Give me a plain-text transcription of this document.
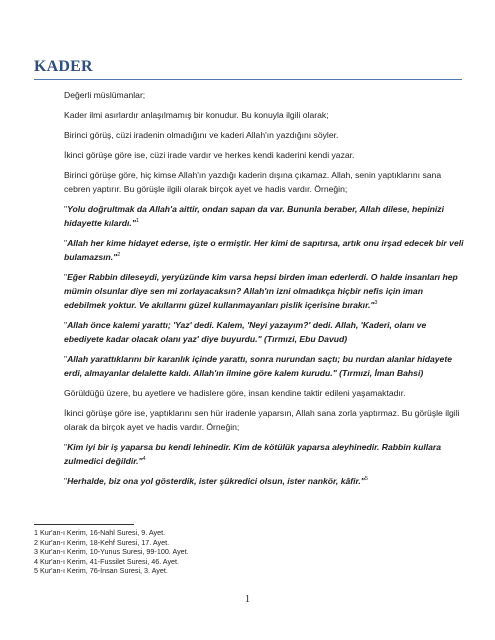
KADER
Değerli müslümanlar;
Kader ilmi asırlardır anlaşılmamış bir konudur. Bu konuyla ilgili olarak;
Birinci görüş, cüzi iradenin olmadığını ve kaderi Allah'ın yazdığını söyler.
İkinci görüşe göre ise, cüzi irade vardır ve herkes kendi kaderini kendi yazar.
Birinci görüşe göre, hiç kimse Allah'ın yazdığı kaderin dışına çıkamaz. Allah, senin yaptıklarını sana cebren yaptırır. Bu görüşle ilgili olarak birçok ayet ve hadis vardır. Örneğin;
"Yolu doğrultmak da Allah'a aittir, ondan sapan da var. Bununla beraber, Allah dilese, hepinizi hidayette kılardı."$^1$
"Allah her kime hidayet ederse, işte o ermiştir. Her kimi de sapıtırsa, artık onu irşad edecek bir veli bulamazsın."$^2$
"Eğer Rabbin dileseydi, yeryüzünde kim varsa hepsi birden iman ederlerdi. O halde insanları hep mümin olsunlar diye sen mi zorlayacaksın? Allah'ın izni olmadıkça hiçbir nefis için iman edebilmek yoktur. Ve akıllarını güzel kullanmayanları pislik içerisine bırakır."$^3$
"Allah önce kalemi yarattı; 'Yaz' dedi. Kalem, 'Neyi yazayım?' dedi. Allah, 'Kaderi, olanı ve ebediyete kadar olacak olanı yaz' diye buyurdu." (Tırmızi, Ebu Davud)
"Allah yarattıklarını bir karanlık içinde yarattı, sonra nurundan saçtı; bu nurdan alanlar hidayete erdi, almayanlar delalette kaldı. Allah'ın ilmine göre kalem kurudu." (Tırmızi, İman Bahsi)
Görüldüğü üzere, bu ayetlere ve hadislere göre, insan kendine taktir edileni yaşamaktadır.
İkinci görüşe göre ise, yaptıklarını sen hür iradenle yaparsın, Allah sana zorla yaptırmaz. Bu görüşle ilgili olarak da birçok ayet ve hadis vardır. Örneğin;
"Kim iyi bir iş yaparsa bu kendi lehinedir. Kim de kötülük yaparsa aleyhinedir. Rabbin kullara zulmedici değildir."$^4$
"Herhalde, biz ona yol gösterdik, ister şükredici olsun, ister nankör, kâfir."$^5$
1 Kur'an-ı Kerim, 16-Nahl Suresi, 9. Ayet.
2 Kur'an-ı Kerim, 18-Kehf Suresi, 17. Ayet.
3 Kur'an-ı Kerim, 10-Yunus Suresi, 99-100. Ayet.
4 Kur'an-ı Kerim, 41-Fussilet Suresi, 46. Ayet.
5 Kur'an-ı Kerim, 76-İnsan Suresi, 3. Ayet.
1
